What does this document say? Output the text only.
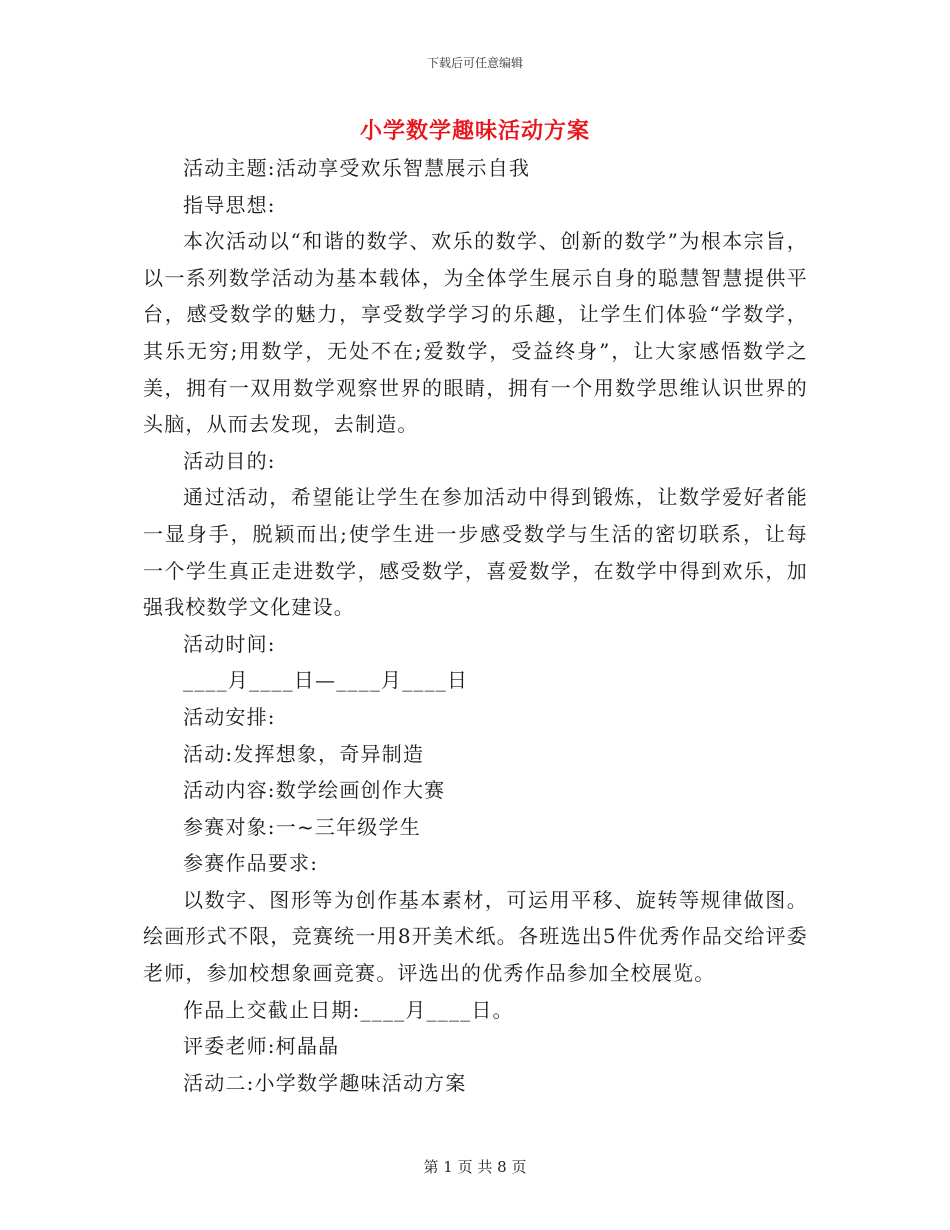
下载后可任意编辑
小学数学趣味活动方案

活动主题:活动享受欢乐智慧展示自我

指导思想:

本次活动以“和谐的数学、欢乐的数学、创新的数学”为根本宗旨，以一系列数学活动为基本载体，为全体学生展示自身的聪慧智慧提供平台，感受数学的魅力，享受数学学习的乐趣，让学生们体验“学数学，其乐无穷;用数学，无处不在;爱数学，受益终身”，让大家感悟数学之美，拥有一双用数学观察世界的眼睛，拥有一个用数学思维认识世界的头脑，从而去发现，去制造。

活动目的:

通过活动，希望能让学生在参加活动中得到锻炼，让数学爱好者能一显身手，脱颖而出;使学生进一步感受数学与生活的密切联系，让每一个学生真正走进数学，感受数学，喜爱数学，在数学中得到欢乐，加强我校数学文化建设。

活动时间:

____月____日—____月____日

活动安排:

活动:发挥想象，奇异制造

活动内容:数学绘画创作大赛

参赛对象:一~三年级学生

参赛作品要求:

以数字、图形等为创作基本素材，可运用平移、旋转等规律做图。绘画形式不限，竞赛统一用8开美术纸。各班选出5件优秀作品交给评委老师，参加校想象画竞赛。评选出的优秀作品参加全校展览。

作品上交截止日期:____月____日。

评委老师:柯晶晶

活动二:小学数学趣味活动方案

第 1 页 共 8 页
